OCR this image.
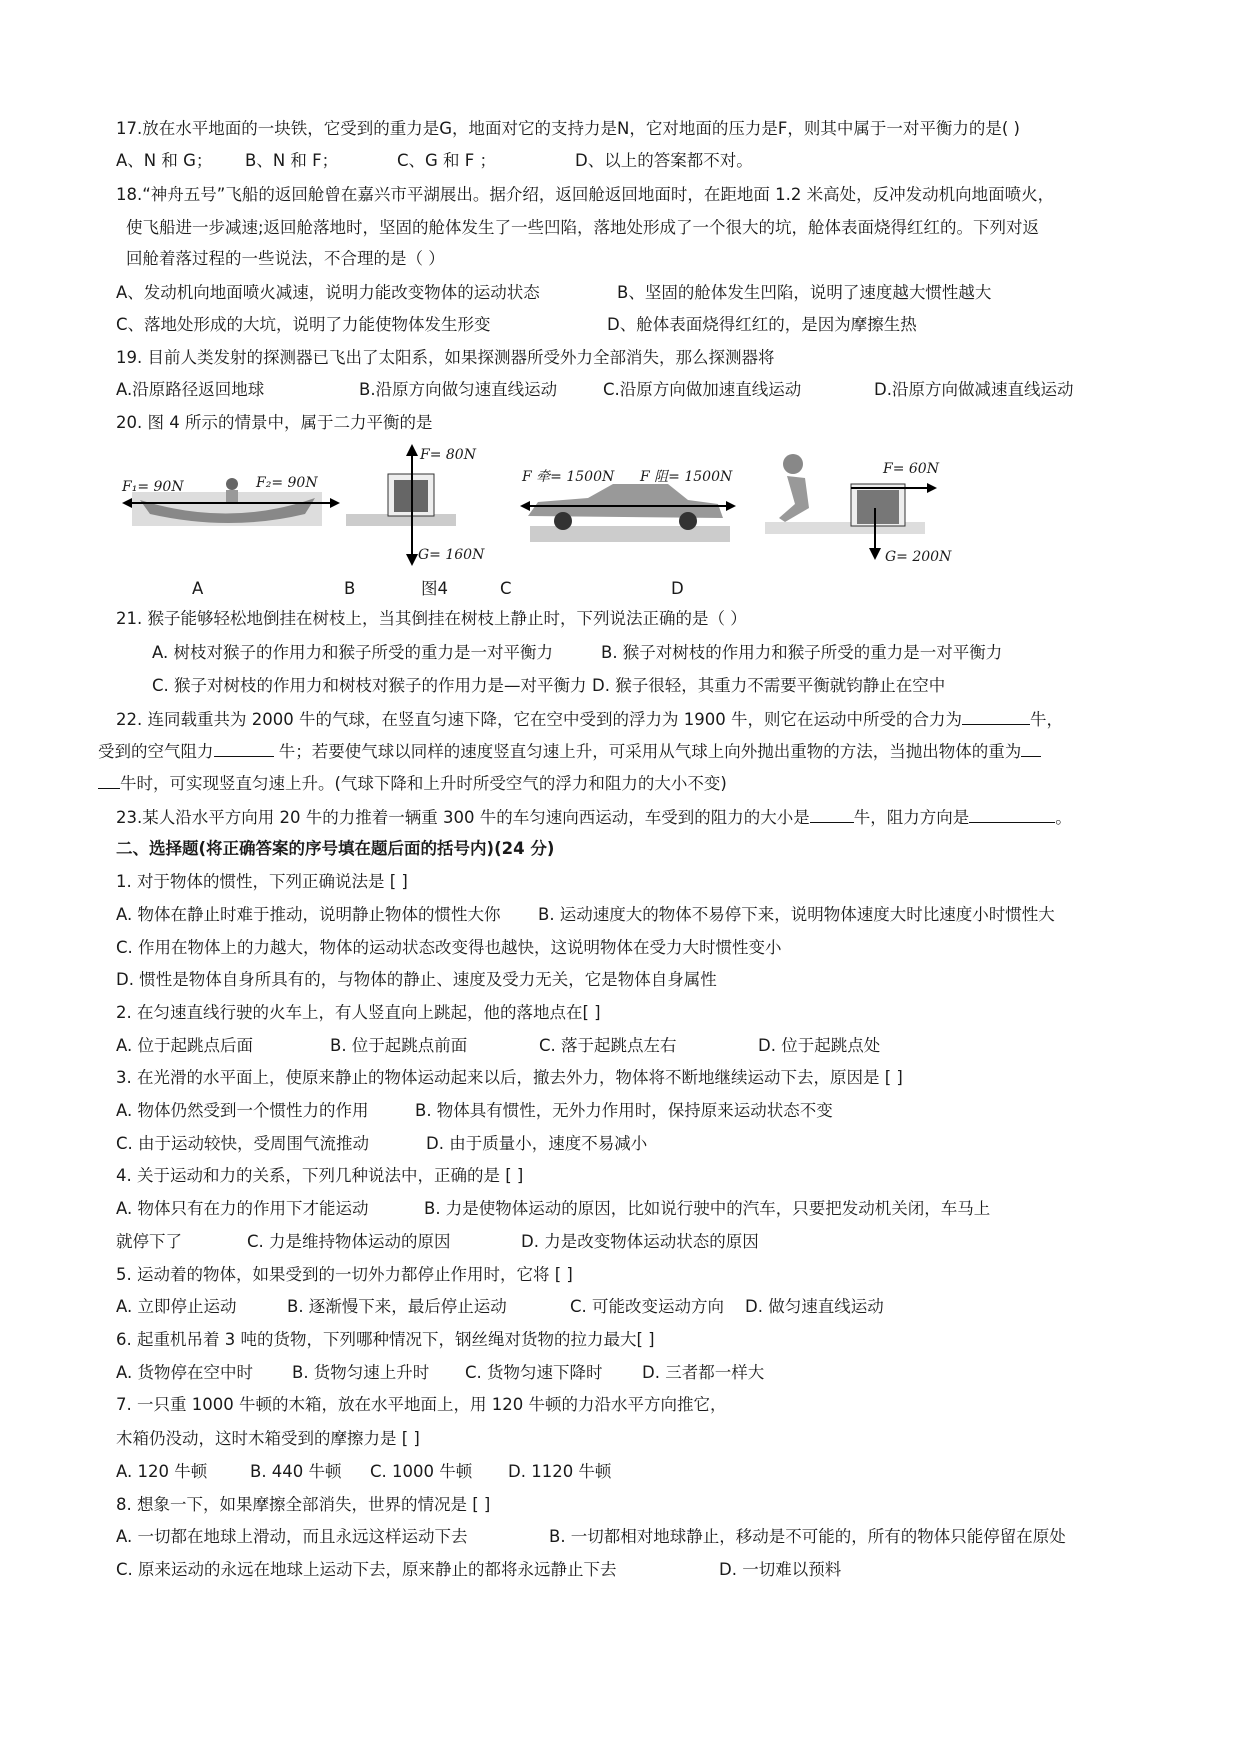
17.放在水平地面的一块铁，它受到的重力是G，地面对它的支持力是N，它对地面的压力是F，则其中属于一对平衡力的是( )
A、N 和 G； B、N 和 F；	C、G 和 F ；	D、以上的答案都不对。
18.“神舟五号”飞船的返回舱曾在嘉兴市平湖展出。据介绍，返回舱返回地面时，在距地面 1.2 米高处，反冲发动机向地面喷火，
使飞船进一步减速;返回舱落地时，坚固的舱体发生了一些凹陷，落地处形成了一个很大的坑，舱体表面烧得红红的。下列对返
回舱着落过程的一些说法，不合理的是（ ）
A、发动机向地面喷火减速，说明力能改变物体的运动状态	B、坚固的舱体发生凹陷，说明了速度越大惯性越大
C、落地处形成的大坑，说明了力能使物体发生形变	D、舱体表面烧得红红的，是因为摩擦生热
19. 目前人类发射的探测器已飞出了太阳系，如果探测器所受外力全部消失，那么探测器将
A.沿原路径返回地球	B.沿原方向做匀速直线运动	C.沿原方向做加速直线运动	D.沿原方向做减速直线运动
20. 图 4 所示的情景中，属于二力平衡的是
F₁= 90N	F₂= 90N
F= 80N
G= 160N
F 牵= 1500N F 阻= 1500N	F= 60N
G= 200N
A	B	图4	C	D
21. 猴子能够轻松地倒挂在树枝上，当其倒挂在树枝上静止时，下列说法正确的是（ ）
A. 树枝对猴子的作用力和猴子所受的重力是一对平衡力	B. 猴子对树枝的作用力和猴子所受的重力是一对平衡力
C. 猴子对树枝的作用力和树枝对猴子的作用力是—对平衡力 D. 猴子很轻，其重力不需要平衡就钧静止在空中
22. 连同载重共为 2000 牛的气球，在竖直匀速下降，它在空中受到的浮力为 1900 牛，则它在运动中所受的合力为	牛，
受到的空气阻力	牛；若要使气球以同样的速度竖直匀速上升，可采用从气球上向外抛出重物的方法，当抛出物体的重为
牛时，可实现竖直匀速上升。(气球下降和上升时所受空气的浮力和阻力的大小不变)
23.某人沿水平方向用 20 牛的力推着一辆重 300 牛的车匀速向西运动，车受到的阻力的大小是	牛，阻力方向是	。
二、选择题(将正确答案的序号填在题后面的括号内)(24 分)
1. 对于物体的惯性，下列正确说法是 [ ]
A. 物体在静止时难于推动，说明静止物体的惯性大你 B. 运动速度大的物体不易停下来，说明物体速度大时比速度小时惯性大
C. 作用在物体上的力越大，物体的运动状态改变得也越快，这说明物体在受力大时惯性变小
D. 惯性是物体自身所具有的，与物体的静止、速度及受力无关，它是物体自身属性
2. 在匀速直线行驶的火车上，有人竖直向上跳起，他的落地点在[ ]
A. 位于起跳点后面	B. 位于起跳点前面	C. 落于起跳点左右	D. 位于起跳点处
3. 在光滑的水平面上，使原来静止的物体运动起来以后，撤去外力，物体将不断地继续运动下去，原因是 [ ]
A. 物体仍然受到一个惯性力的作用	B. 物体具有惯性，无外力作用时，保持原来运动状态不变
C. 由于运动较快，受周围气流推动	D. 由于质量小，速度不易减小
4. 关于运动和力的关系，下列几种说法中，正确的是 [ ]
A. 物体只有在力的作用下才能运动	B. 力是使物体运动的原因，比如说行驶中的汽车，只要把发动机关闭，车马上
就停下了	C. 力是维持物体运动的原因	D. 力是改变物体运动状态的原因
5. 运动着的物体，如果受到的一切外力都停止作用时，它将 [ ]
A. 立即停止运动	B. 逐渐慢下来，最后停止运动	C. 可能改变运动方向 D. 做匀速直线运动
6. 起重机吊着 3 吨的货物，下列哪种情况下，钢丝绳对货物的拉力最大[ ]
A. 货物停在空中时 B. 货物匀速上升时 C. 货物匀速下降时 D. 三者都一样大
7. 一只重 1000 牛顿的木箱，放在水平地面上，用 120 牛顿的力沿水平方向推它，
木箱仍没动，这时木箱受到的摩擦力是 [ ]
A. 120 牛顿	B. 440 牛顿 C. 1000 牛顿 D. 1120 牛顿
8. 想象一下，如果摩擦全部消失，世界的情况是 [ ]
A. 一切都在地球上滑动，而且永远这样运动下去	B. 一切都相对地球静止，移动是不可能的，所有的物体只能停留在原处
C. 原来运动的永远在地球上运动下去，原来静止的都将永远静止下去	D. 一切难以预料
